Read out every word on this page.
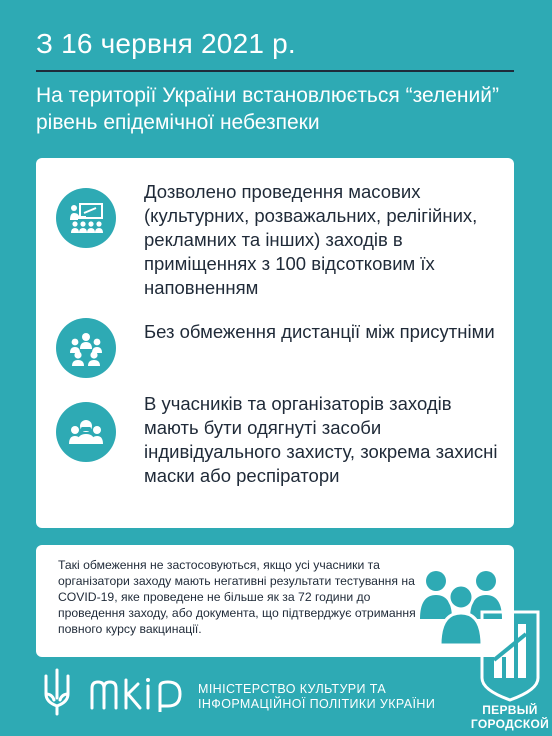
З 16 червня 2021 р.
На території України встановлюється “зелений” рівень епідемічної небезпеки

Дозволено проведення масових (культурних, розважальних, релігійних, рекламних та інших) заходів в приміщеннях з 100 відсотковим їх наповненням

Без обмеження дистанції між присутніми

В учасників та організаторів заходів мають бути одягнуті засоби індивідуального захисту, зокрема захисні маски або респіратори

Такі обмеження не застосовуються, якщо усі учасники та організатори заходу мають негативні результати тестування на COVID-19, яке проведене не більше як за 72 години до проведення заходу, або документа, що підтверджує отримання повного курсу вакцинації.

МІНІСТЕРСТВО КУЛЬТУРИ ТА ІНФОРМАЦІЙНОЇ ПОЛІТИКИ УКРАЇНИ	ПЕРВЫЙ
ГОРОДСКОЙ
